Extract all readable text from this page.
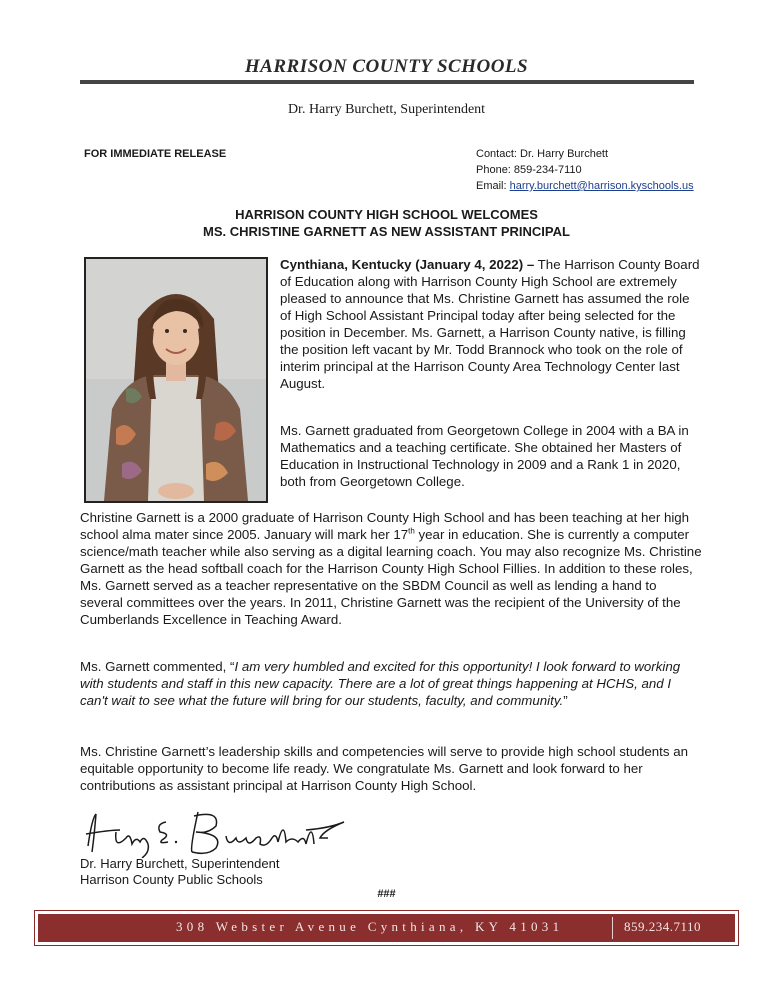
HARRISON COUNTY SCHOOLS
Dr. Harry Burchett, Superintendent
FOR IMMEDIATE RELEASE	Contact: Dr. Harry Burchett
Phone: 859-234-7110
Email: harry.burchett@harrison.kyschools.us
HARRISON COUNTY HIGH SCHOOL WELCOMES
MS. CHRISTINE GARNETT AS NEW ASSISTANT PRINCIPAL
Cynthiana, Kentucky (January 4, 2022) – The Harrison County Board of Education along with Harrison County High School are extremely pleased to announce that Ms. Christine Garnett has assumed the role of High School Assistant Principal today after being selected for the position in December. Ms. Garnett, a Harrison County native, is filling the position left vacant by Mr. Todd Brannock who took on the role of interim principal at the Harrison County Area Technology Center last August.
Ms. Garnett graduated from Georgetown College in 2004 with a BA in Mathematics and a teaching certificate. She obtained her Masters of Education in Instructional Technology in 2009 and a Rank 1 in 2020, both from Georgetown College.
Christine Garnett is a 2000 graduate of Harrison County High School and has been teaching at her high school alma mater since 2005. January will mark her 17th year in education. She is currently a computer science/math teacher while also serving as a digital learning coach. You may also recognize Ms. Christine Garnett as the head softball coach for the Harrison County High School Fillies. In addition to these roles, Ms. Garnett served as a teacher representative on the SBDM Council as well as lending a hand to several committees over the years. In 2011, Christine Garnett was the recipient of the University of the Cumberlands Excellence in Teaching Award.
Ms. Garnett commented, “I am very humbled and excited for this opportunity! I look forward to working with students and staff in this new capacity. There are a lot of great things happening at HCHS, and I can't wait to see what the future will bring for our students, faculty, and community.”
Ms. Christine Garnett’s leadership skills and competencies will serve to provide high school students an equitable opportunity to become life ready. We congratulate Ms. Garnett and look forward to her contributions as assistant principal at Harrison County High School.
Dr. Harry Burchett, Superintendent
Harrison County Public Schools
###
308 Webster Avenue Cynthiana, KY 41031	859.234.7110
